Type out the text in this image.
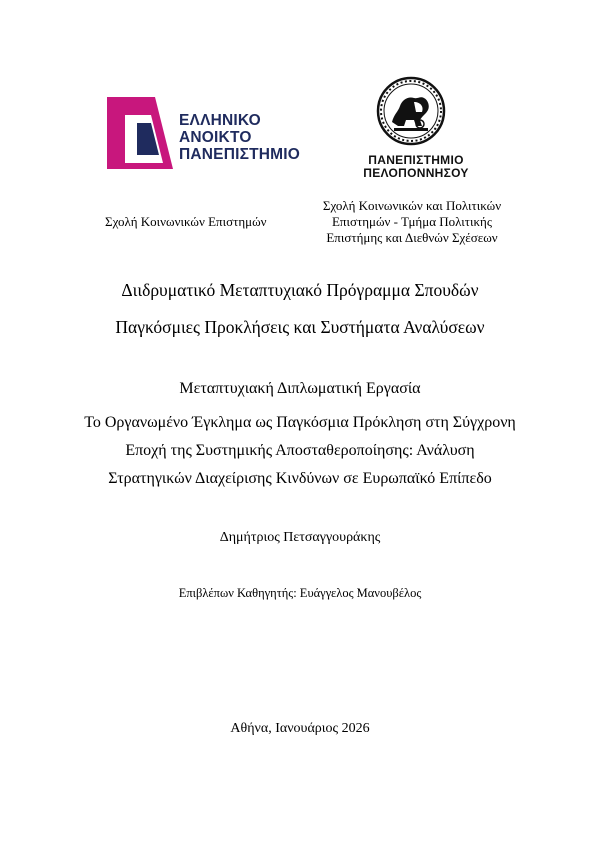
ΕΛΛΗΝΙΚΟ
ΑΝΟΙΚΤΟ
ΠΑΝΕΠΙΣΤΗΜΙΟ	ΠΑΝΕΠΙΣΤΗΜΙΟ
ΠΕΛΟΠΟΝΝΗΣΟΥ
Σχολή Κοινωνικών Επιστημών
Σχολή Κοινωνικών και Πολιτικών
Επιστημών - Τμήμα Πολιτικής
Επιστήμης και Διεθνών Σχέσεων
Διιδρυματικό Μεταπτυχιακό Πρόγραμμα Σπουδών
Παγκόσμιες Προκλήσεις και Συστήματα Αναλύσεων
Μεταπτυχιακή Διπλωματική Εργασία
Το Οργανωμένο Έγκλημα ως Παγκόσμια Πρόκληση στη Σύγχρονη
Εποχή της Συστημικής Αποσταθεροποίησης: Ανάλυση
Στρατηγικών Διαχείρισης Κινδύνων σε Ευρωπαϊκό Επίπεδο
Δημήτριος Πετσαγγουράκης
Επιβλέπων Καθηγητής: Ευάγγελος Μανουβέλος
Αθήνα, Ιανουάριος 2026
